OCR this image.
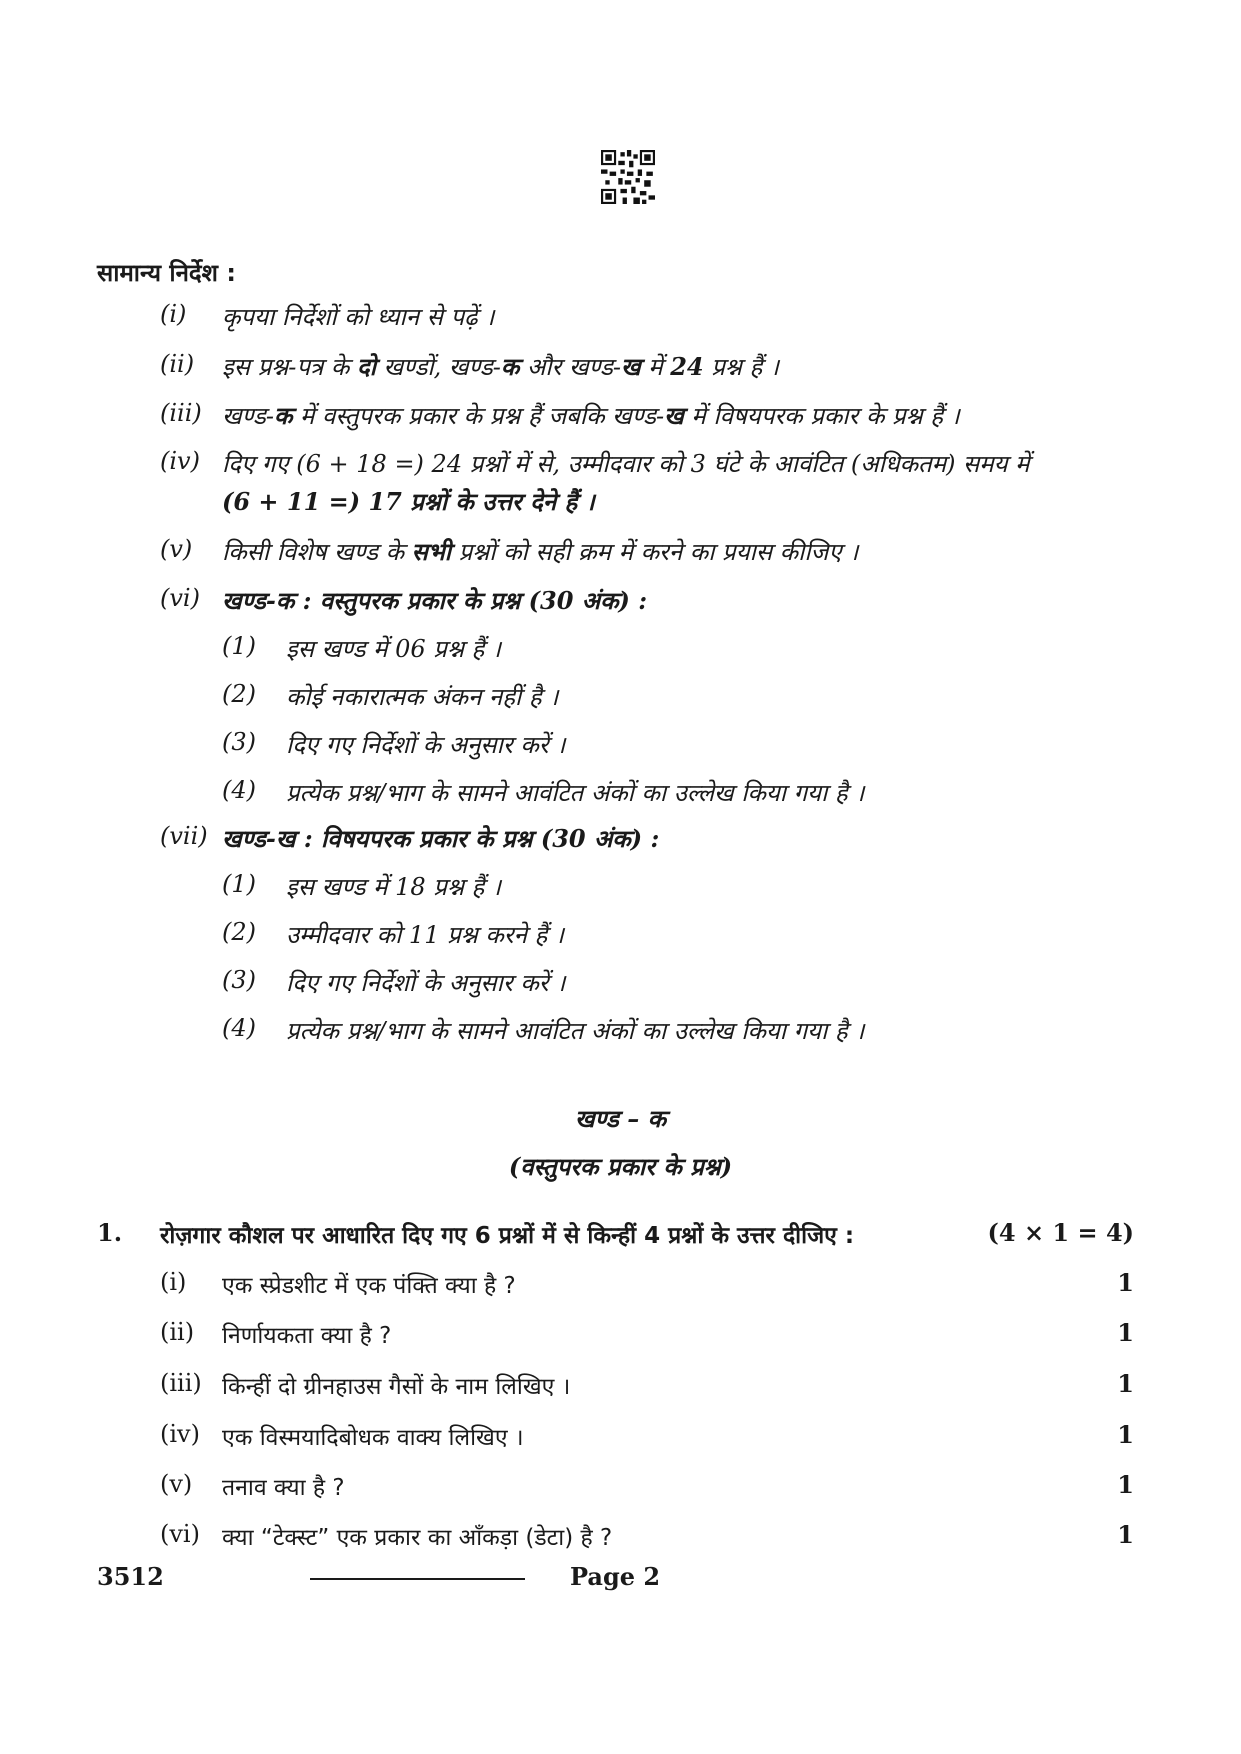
सामान्य निर्देश :
(i) कृपया निर्देशों को ध्यान से पढ़ें ।
(ii) इस प्रश्न-पत्र के दो खण्डों, खण्ड-क और खण्ड-ख में 24 प्रश्न हैं ।
(iii) खण्ड-क में वस्तुपरक प्रकार के प्रश्न हैं जबकि खण्ड-ख में विषयपरक प्रकार के प्रश्न हैं ।
(iv) दिए गए (6 + 18 =) 24 प्रश्नों में से, उम्मीदवार को 3 घंटे के आवंटित (अधिकतम) समय में
(6 + 11 =) 17 प्रश्नों के उत्तर देने हैं ।
(v) किसी विशेष खण्ड के सभी प्रश्नों को सही क्रम में करने का प्रयास कीजिए ।
(vi) खण्ड-क : वस्तुपरक प्रकार के प्रश्न (30 अंक) :
(1) इस खण्ड में 06 प्रश्न हैं ।
(2) कोई नकारात्मक अंकन नहीं है ।
(3) दिए गए निर्देशों के अनुसार करें ।
(4) प्रत्येक प्रश्न/भाग के सामने आवंटित अंकों का उल्लेख किया गया है ।
(vii) खण्ड-ख : विषयपरक प्रकार के प्रश्न (30 अंक) :
(1) इस खण्ड में 18 प्रश्न हैं ।
(2) उम्मीदवार को 11 प्रश्न करने हैं ।
(3) दिए गए निर्देशों के अनुसार करें ।
(4) प्रत्येक प्रश्न/भाग के सामने आवंटित अंकों का उल्लेख किया गया है ।
खण्ड – क
(वस्तुपरक प्रकार के प्रश्न)
1. रोज़गार कौशल पर आधारित दिए गए 6 प्रश्नों में से किन्हीं 4 प्रश्नों के उत्तर दीजिए :	(4 × 1 = 4)
(i) एक स्प्रेडशीट में एक पंक्ति क्या है ?	1
(ii) निर्णायकता क्या है ?	1
(iii) किन्हीं दो ग्रीनहाउस गैसों के नाम लिखिए ।	1
(iv) एक विस्मयादिबोधक वाक्य लिखिए ।	1
(v) तनाव क्या है ?	1
(vi) क्या “टेक्स्ट” एक प्रकार का आँकड़ा (डेटा) है ?	1
3512	Page 2
